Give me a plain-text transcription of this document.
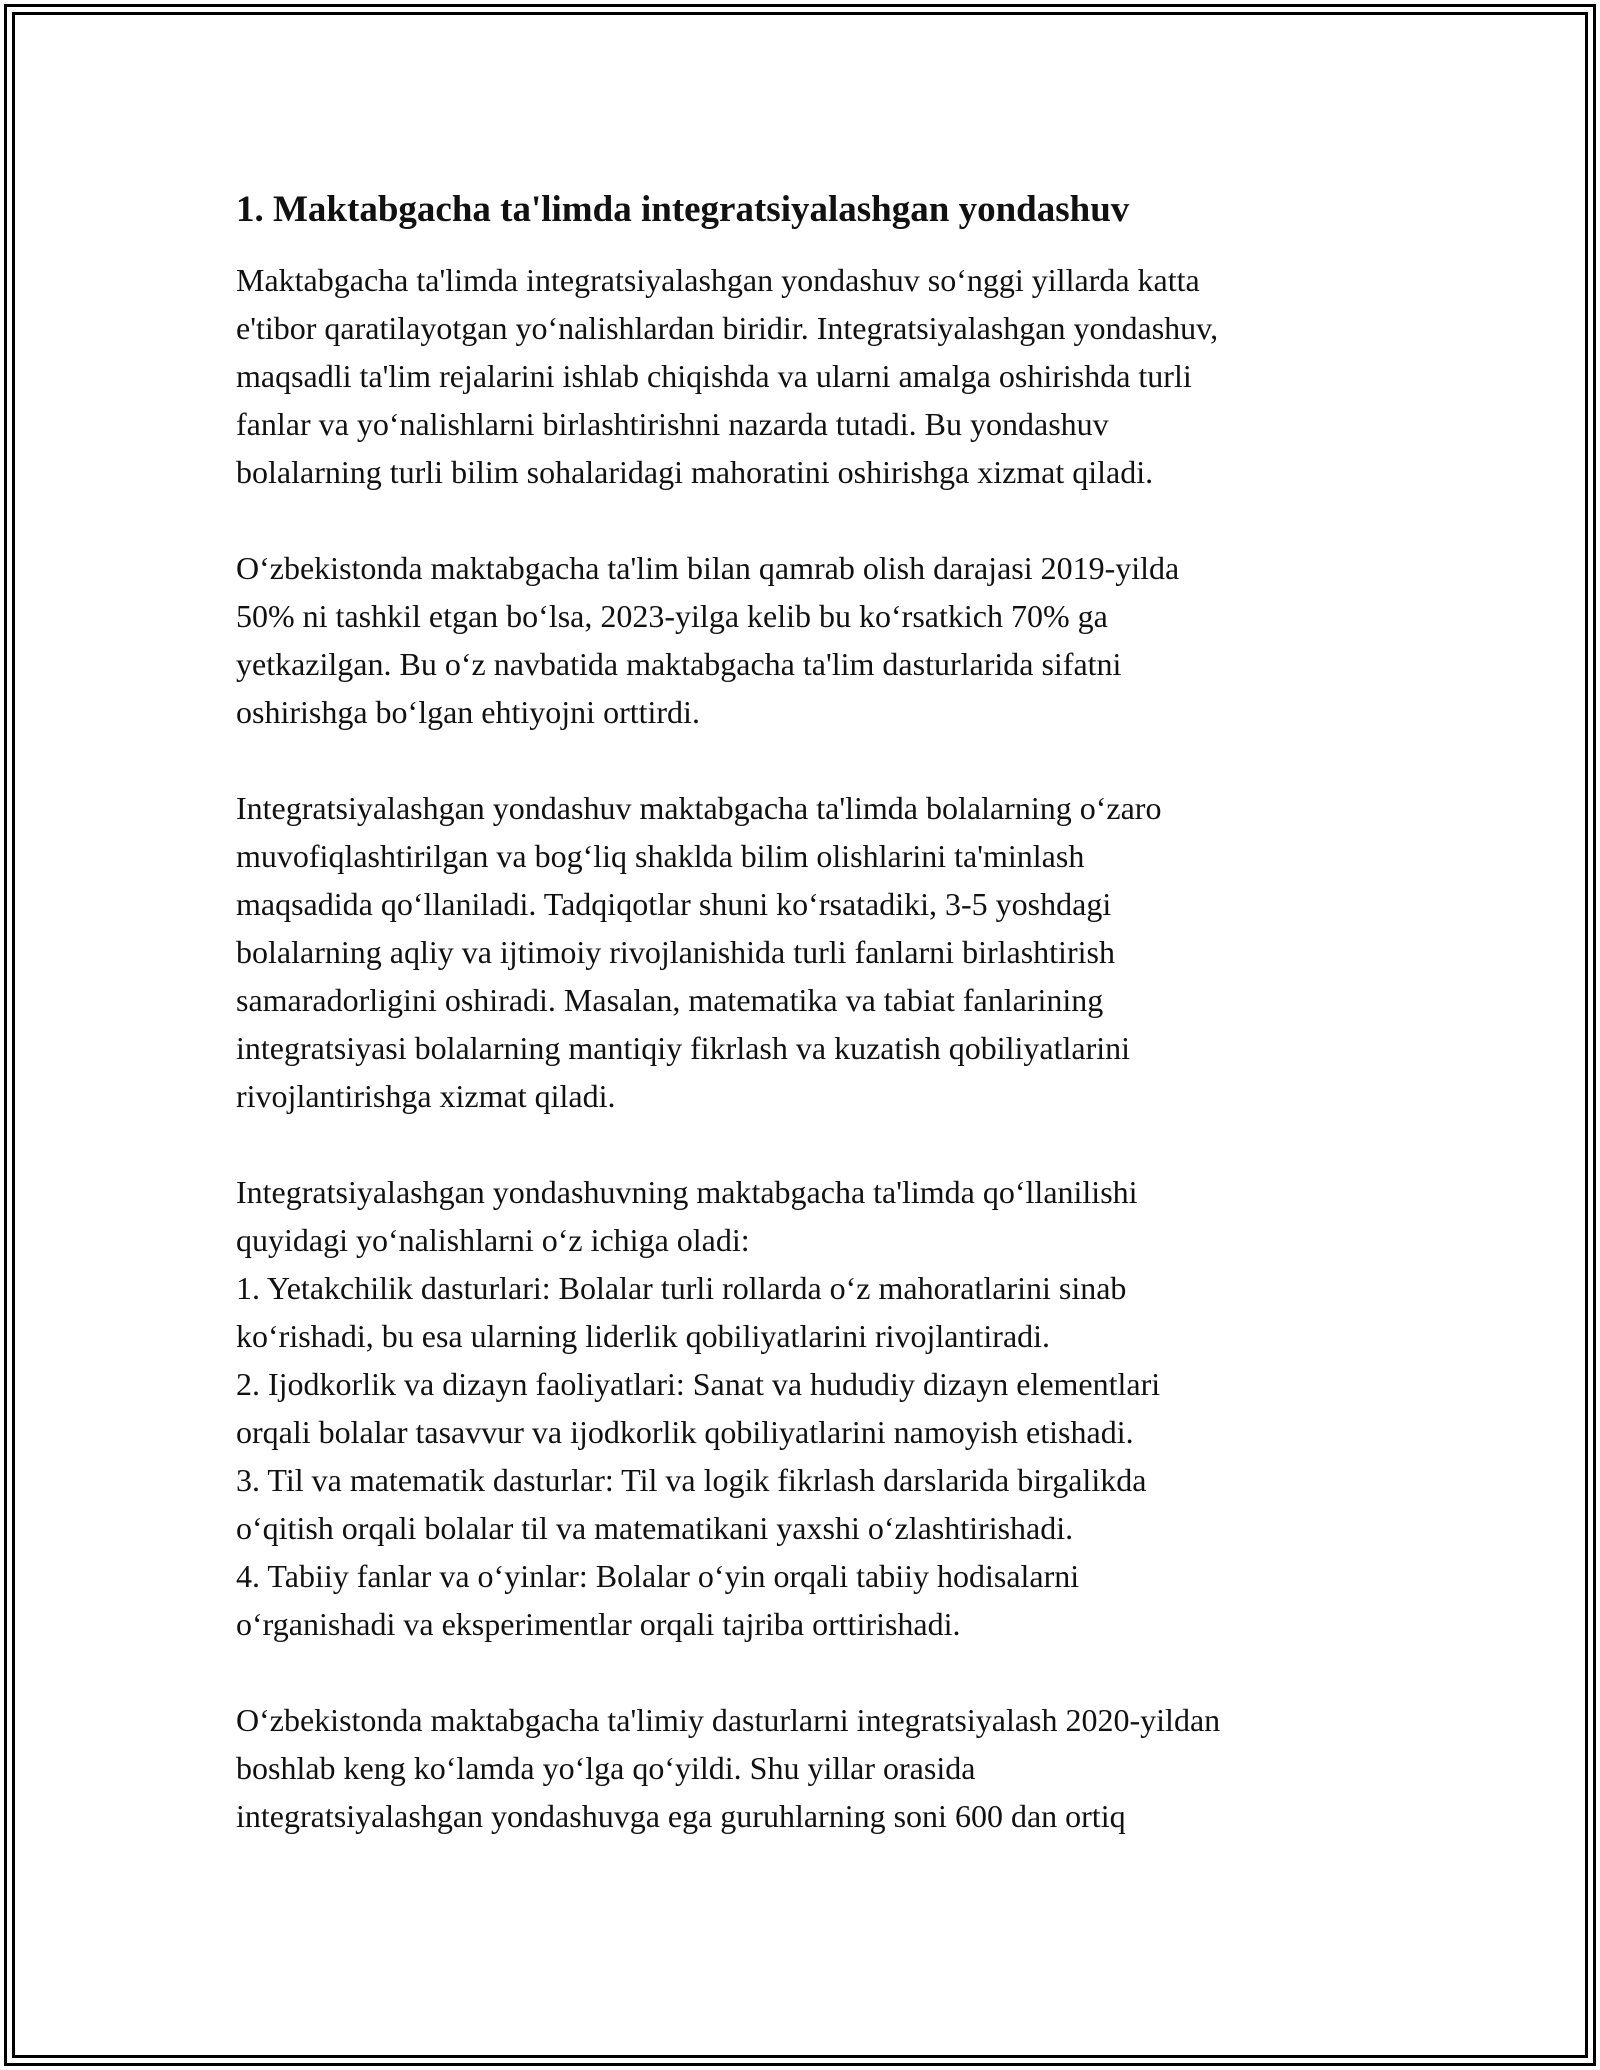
1. Maktabgacha ta'limda integratsiyalashgan yondashuv

Maktabgacha ta'limda integratsiyalashgan yondashuv so‘nggi yillarda katta
e'tibor qaratilayotgan yo‘nalishlardan biridir. Integratsiyalashgan yondashuv,
maqsadli ta'lim rejalarini ishlab chiqishda va ularni amalga oshirishda turli
fanlar va yo‘nalishlarni birlashtirishni nazarda tutadi. Bu yondashuv
bolalarning turli bilim sohalaridagi mahoratini oshirishga xizmat qiladi.

O‘zbekistonda maktabgacha ta'lim bilan qamrab olish darajasi 2019-yilda
50% ni tashkil etgan bo‘lsa, 2023-yilga kelib bu ko‘rsatkich 70% ga
yetkazilgan. Bu o‘z navbatida maktabgacha ta'lim dasturlarida sifatni
oshirishga bo‘lgan ehtiyojni orttirdi.

Integratsiyalashgan yondashuv maktabgacha ta'limda bolalarning o‘zaro
muvofiqlashtirilgan va bog‘liq shakldа bilim olishlarini ta'minlash
maqsadida qo‘llaniladi. Tadqiqotlar shuni ko‘rsatadiki, 3-5 yoshdagi
bolalarning aqliy va ijtimoiy rivojlanishida turli fanlarni birlashtirish
samaradorligini oshiradi. Masalan, matematika va tabiat fanlarining
integratsiyasi bolalarning mantiqiy fikrlash va kuzatish qobiliyatlarini
rivojlantirishga xizmat qiladi.

Integratsiyalashgan yondashuvning maktabgacha ta'limda qo‘llanilishi
quyidagi yo‘nalishlarni o‘z ichiga oladi:
1. Yetakchilik dasturlari: Bolalar turli rollarda o‘z mahoratlarini sinab
ko‘rishadi, bu esa ularning liderlik qobiliyatlarini rivojlantiradi.
2. Ijodkorlik va dizayn faoliyatlari: Sanat va hududiy dizayn elementlari
orqali bolalar tasavvur va ijodkorlik qobiliyatlarini namoyish etishadi.
3. Til va matematik dasturlar: Til va logik fikrlash darslarida birgalikda
o‘qitish orqali bolalar til va matematikani yaxshi o‘zlashtirishadi.
4. Tabiiy fanlar va o‘yinlar: Bolalar o‘yin orqali tabiiy hodisalarni
o‘rganishadi va eksperimentlar orqali tajriba orttirishadi.

O‘zbekistonda maktabgacha ta'limiy dasturlarni integratsiyalash 2020-yildan
boshlab keng ko‘lamda yo‘lga qo‘yildi. Shu yillar orasida
integratsiyalashgan yondashuvga ega guruhlarning soni 600 dan ortiq
